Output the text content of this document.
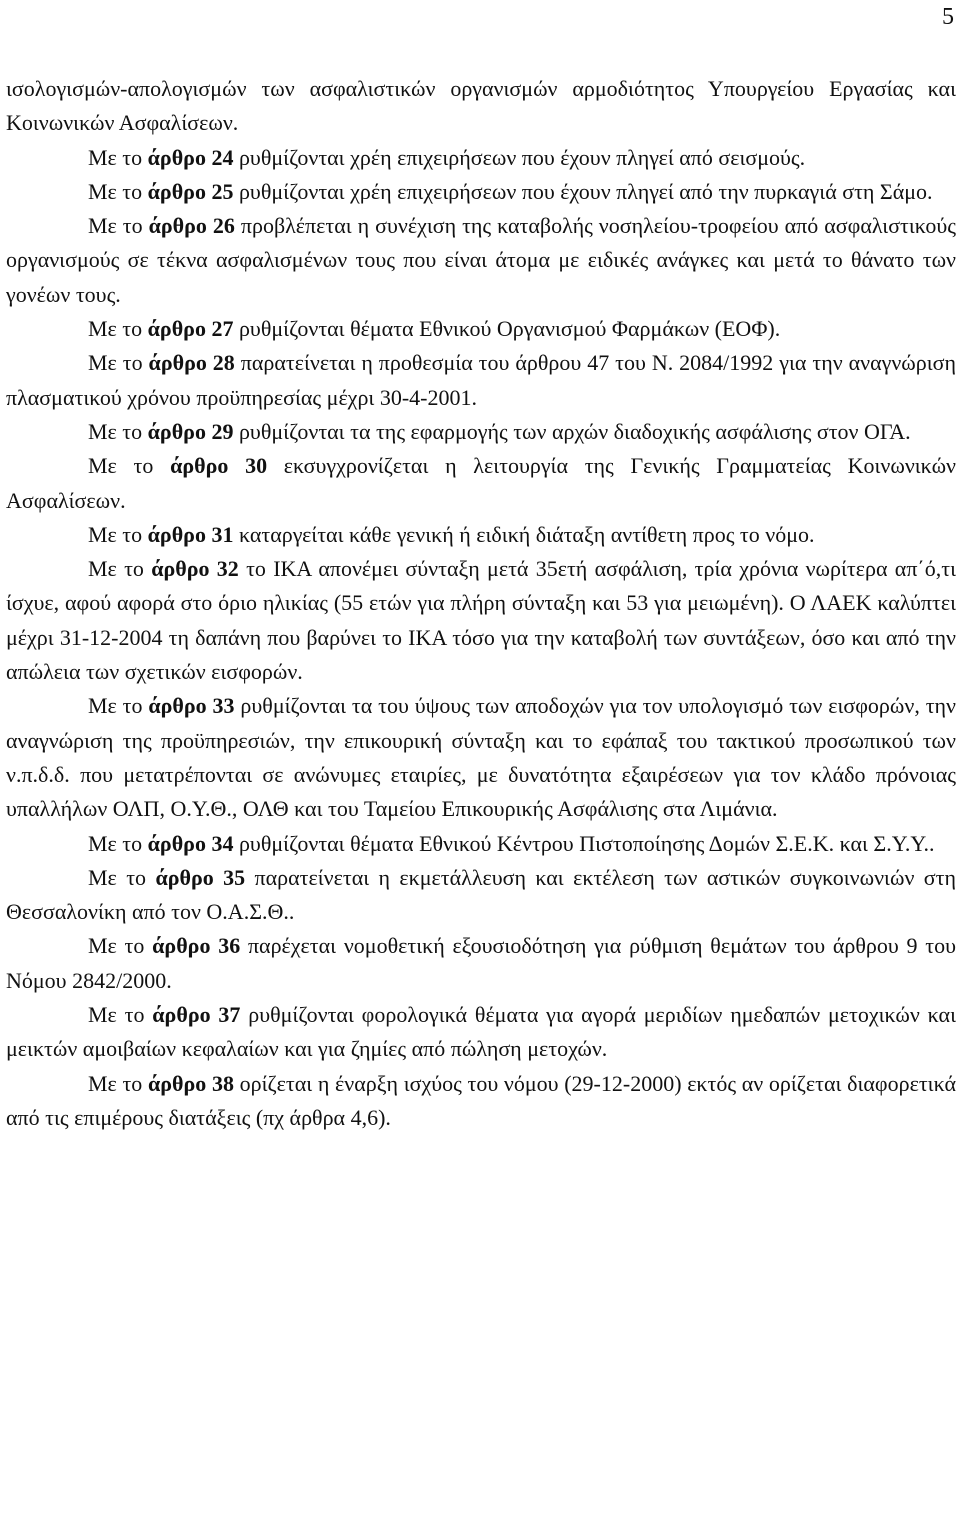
5

ισολογισμών-απολογισμών των ασφαλιστικών οργανισμών αρμοδιότητος Υπουργείου Εργασίας και Κοινωνικών Ασφαλίσεων.

Με το άρθρο 24 ρυθμίζονται χρέη επιχειρήσεων που έχουν πληγεί από σεισμούς.

Με το άρθρο 25 ρυθμίζονται χρέη επιχειρήσεων που έχουν πληγεί από την πυρκαγιά στη Σάμο.

Με το άρθρο 26 προβλέπεται η συνέχιση της καταβολής νοσηλείου-τροφείου από ασφαλιστικούς οργανισμούς σε τέκνα ασφαλισμένων τους που είναι άτομα με ειδικές ανάγκες και μετά το θάνατο των γονέων τους.

Με το άρθρο 27 ρυθμίζονται θέματα Εθνικού Οργανισμού Φαρμάκων (ΕΟΦ).

Με το άρθρο 28 παρατείνεται η προθεσμία του άρθρου 47 του Ν. 2084/1992 για την αναγνώριση πλασματικού χρόνου προϋπηρεσίας μέχρι 30-4-2001.

Με το άρθρο 29 ρυθμίζονται τα της εφαρμογής των αρχών διαδοχικής ασφάλισης στον ΟΓΑ.

Με το άρθρο 30 εκσυγχρονίζεται η λειτουργία της Γενικής Γραμματείας Κοινωνικών Ασφαλίσεων.

Με το άρθρο 31 καταργείται κάθε γενική ή ειδική διάταξη αντίθετη προς το νόμο.

Με το άρθρο 32 το ΙΚΑ απονέμει σύνταξη μετά 35ετή ασφάλιση, τρία χρόνια νωρίτερα απ΄ό,τι ίσχυε, αφού αφορά στο όριο ηλικίας (55 ετών για πλήρη σύνταξη και 53 για μειωμένη). Ο ΛΑΕΚ καλύπτει μέχρι 31-12-2004 τη δαπάνη που βαρύνει το ΙΚΑ τόσο για την καταβολή των συντάξεων, όσο και από την απώλεια των σχετικών εισφορών.

Με το άρθρο 33 ρυθμίζονται τα του ύψους των αποδοχών για τον υπολογισμό των εισφορών, την αναγνώριση της προϋπηρεσιών, την επικουρική σύνταξη και το εφάπαξ του τακτικού προσωπικού των ν.π.δ.δ. που μετατρέπονται σε ανώνυμες εταιρίες, με δυνατότητα εξαιρέσεων για τον κλάδο πρόνοιας υπαλλήλων ΟΛΠ, Ο.Υ.Θ., ΟΛΘ και του Ταμείου Επικουρικής Ασφάλισης στα Λιμάνια.

Με το άρθρο 34 ρυθμίζονται θέματα Εθνικού Κέντρου Πιστοποίησης Δομών Σ.Ε.Κ. και Σ.Υ.Υ..

Με το άρθρο 35 παρατείνεται η εκμετάλλευση και εκτέλεση των αστικών συγκοινωνιών στη Θεσσαλονίκη από τον Ο.Α.Σ.Θ..

Με το άρθρο 36 παρέχεται νομοθετική εξουσιοδότηση για ρύθμιση θεμάτων του άρθρου 9 του Νόμου 2842/2000.

Με το άρθρο 37 ρυθμίζονται φορολογικά θέματα για αγορά μεριδίων ημεδαπών μετοχικών και μεικτών αμοιβαίων κεφαλαίων και για ζημίες από πώληση μετοχών.

Με το άρθρο 38 ορίζεται η έναρξη ισχύος του νόμου (29-12-2000) εκτός αν ορίζεται διαφορετικά από τις επιμέρους διατάξεις (πχ άρθρα 4,6).
